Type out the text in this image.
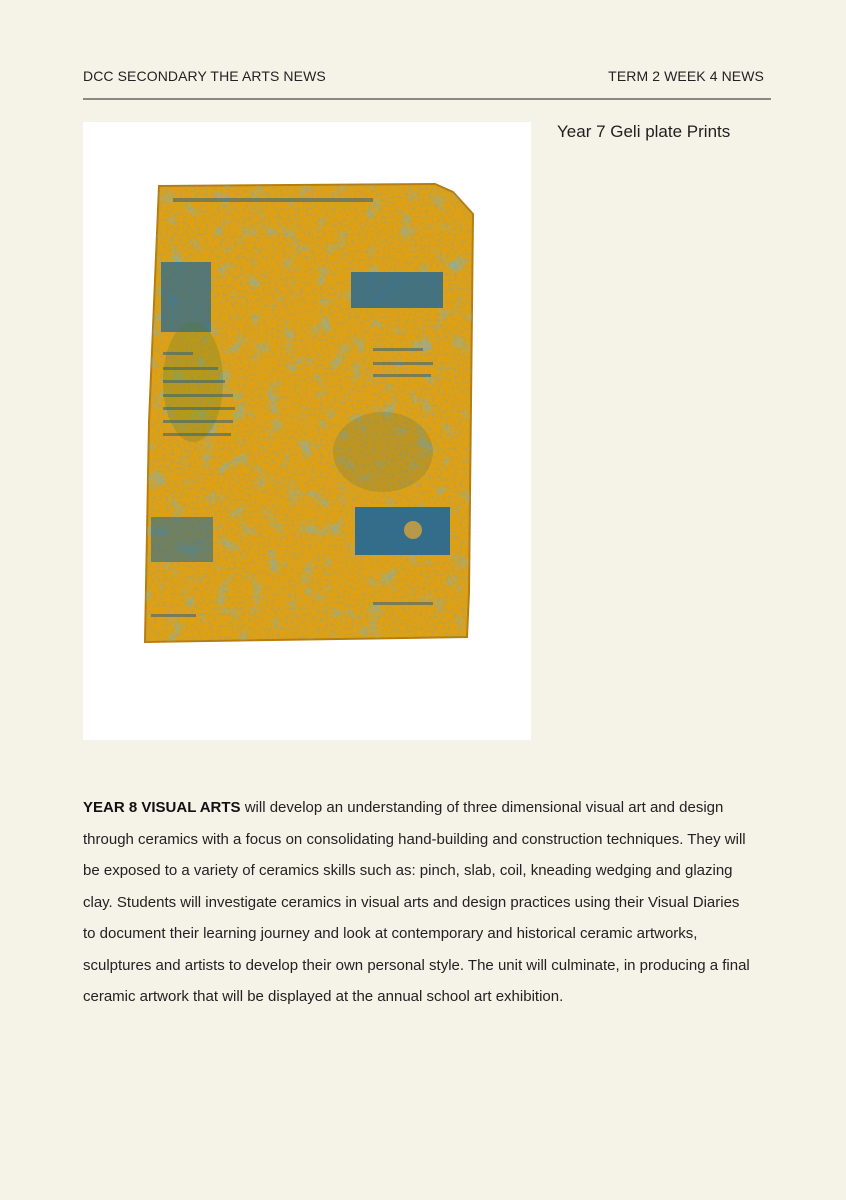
DCC SECONDARY THE ARTS NEWS	TERM 2 WEEK 4 NEWS
Year 7 Geli plate Prints
YEAR 8 VISUAL ARTS will develop an understanding of three dimensional visual art and design through ceramics with a focus on consolidating hand-building and construction techniques. They will be exposed to a variety of ceramics skills such as: pinch, slab, coil, kneading wedging and glazing clay. Students will investigate ceramics in visual arts and design practices using their Visual Diaries to document their learning journey and look at contemporary and historical ceramic artworks, sculptures and artists to develop their own personal style. The unit will culminate, in producing a final ceramic artwork that will be displayed at the annual school art exhibition.
